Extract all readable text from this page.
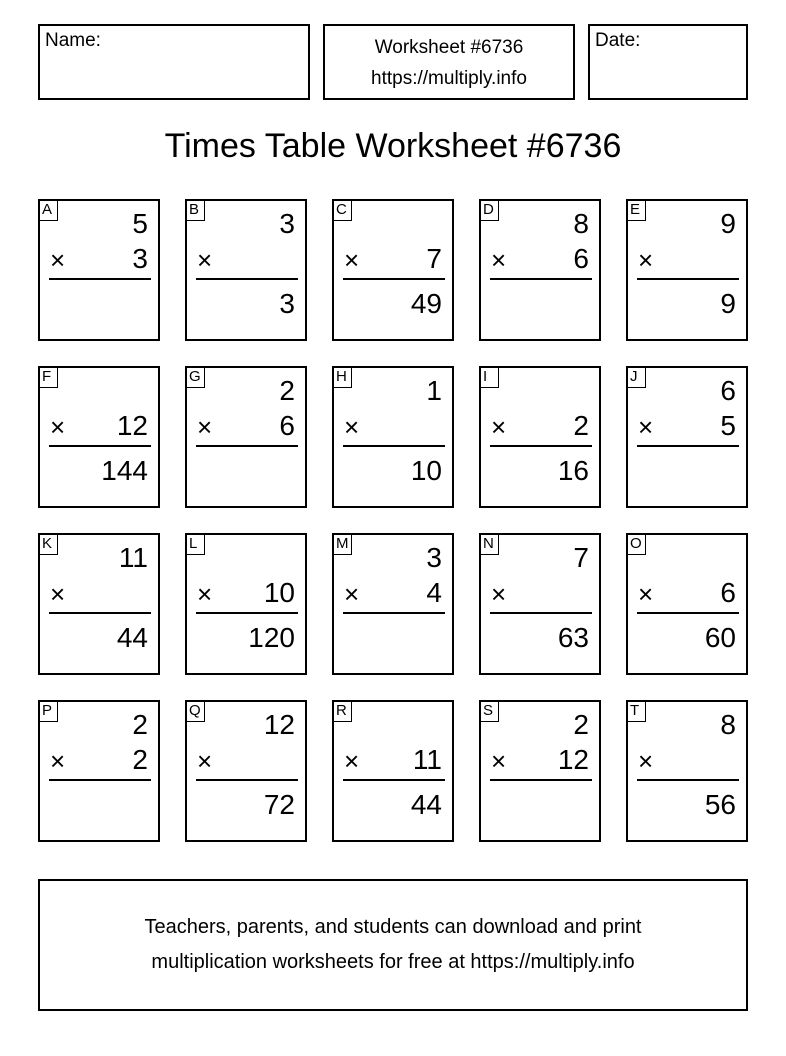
Name:	Worksheet #6736
https://multiply.info
Date:
Times Table Worksheet #6736
A	5
× 3
B	3
×
3
C
× 7
49
D	8
× 6
E	9
×
9
F
× 12
144
G	2
× 6
H	1
×
10
I
× 2
16
J	6
× 5
K 11
×
44
L
× 10
120
M	3
× 4
N	7
×
63
O
× 6
60
P	2
× 2
Q 12
×
72
R
× 11
44
S	2
× 12
T	8
×
56
Teachers, parents, and students can download and print
multiplication worksheets for free at https://multiply.info
